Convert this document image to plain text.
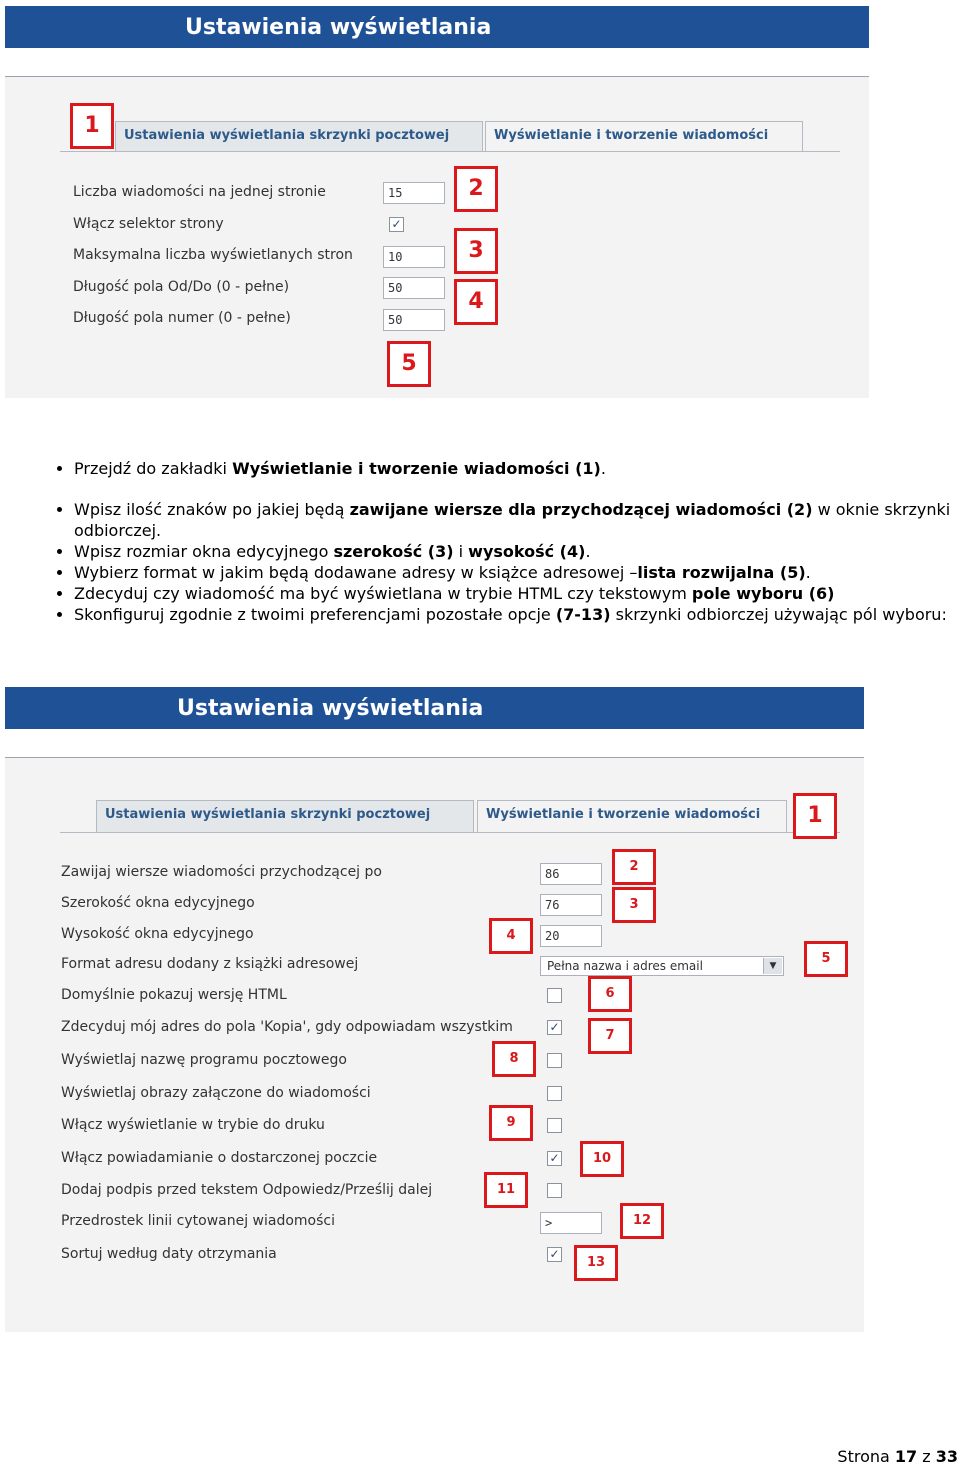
Ustawienia wyświetlania
Ustawienia wyświetlania skrzynki pocztowej	Wyświetlanie i tworzenie wiadomości
Liczba wiadomości na jednej stronie	15
Włącz selektor strony	✓
Maksymalna liczba wyświetlanych stron	10
Długość pola Od/Do (0 - pełne)	50
Długość pola numer (0 - pełne)	50
1
2
3
4
5
• Przejdź do zakładki Wyświetlanie i tworzenie wiadomości (1).
• Wpisz ilość znaków po jakiej będą zawijane wiersze dla przychodzącej wiadomości (2) w oknie skrzynki odbiorczej.
• Wpisz rozmiar okna edycyjnego szerokość (3) i wysokość (4).
• Wybierz format w jakim będą dodawane adresy w książce adresowej –lista rozwijalna (5).
• Zdecyduj czy wiadomość ma być wyświetlana w trybie HTML czy tekstowym pole wyboru (6)
• Skonfiguruj zgodnie z twoimi preferencjami pozostałe opcje (7-13) skrzynki odbiorczej używając pól wyboru:
Ustawienia wyświetlania
Ustawienia wyświetlania skrzynki pocztowej	Wyświetlanie i tworzenie wiadomości
Zawijaj wiersze wiadomości przychodzącej po	86
Szerokość okna edycyjnego	76
Wysokość okna edycyjnego	20
Format adresu dodany z książki adresowej	Pełna nazwa i adres email	▼
Domyślnie pokazuj wersję HTML
Zdecyduj mój adres do pola 'Kopia', gdy odpowiadam wszystkim	✓
Wyświetlaj nazwę programu pocztowego
Wyświetlaj obrazy załączone do wiadomości
Włącz wyświetlanie w trybie do druku
Włącz powiadamianie o dostarczonej poczcie	✓
Dodaj podpis przed tekstem Odpowiedz/Prześlij dalej
Przedrostek linii cytowanej wiadomości	>
Sortuj według daty otrzymania	✓
1
2
3
4
5
6
7
8
9
10
11
12
13
Strona 17 z 33
